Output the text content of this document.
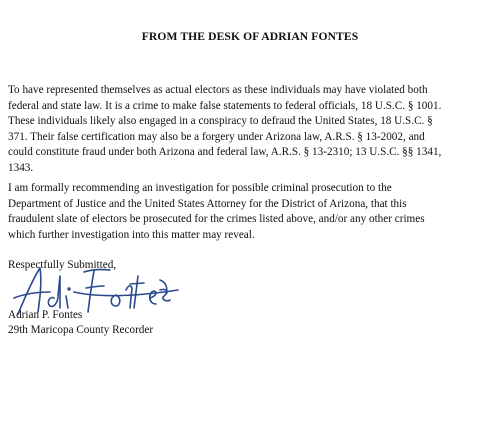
FROM THE DESK OF ADRIAN FONTES

To have represented themselves as actual electors as these individuals may have violated both
federal and state law. It is a crime to make false statements to federal officials, 18 U.S.C. § 1001.
These individuals likely also engaged in a conspiracy to defraud the United States, 18 U.S.C. §
371. Their false certification may also be a forgery under Arizona law, A.R.S. § 13-2002, and
could constitute fraud under both Arizona and federal law, A.R.S. § 13-2310; 13 U.S.C. §§ 1341,
1343.

I am formally recommending an investigation for possible criminal prosecution to the
Department of Justice and the United States Attorney for the District of Arizona, that this
fraudulent slate of electors be prosecuted for the crimes listed above, and/or any other crimes
which further investigation into this matter may reveal.

Respectfully Submitted,
Adrian P. Fontes
29th Maricopa County Recorder
